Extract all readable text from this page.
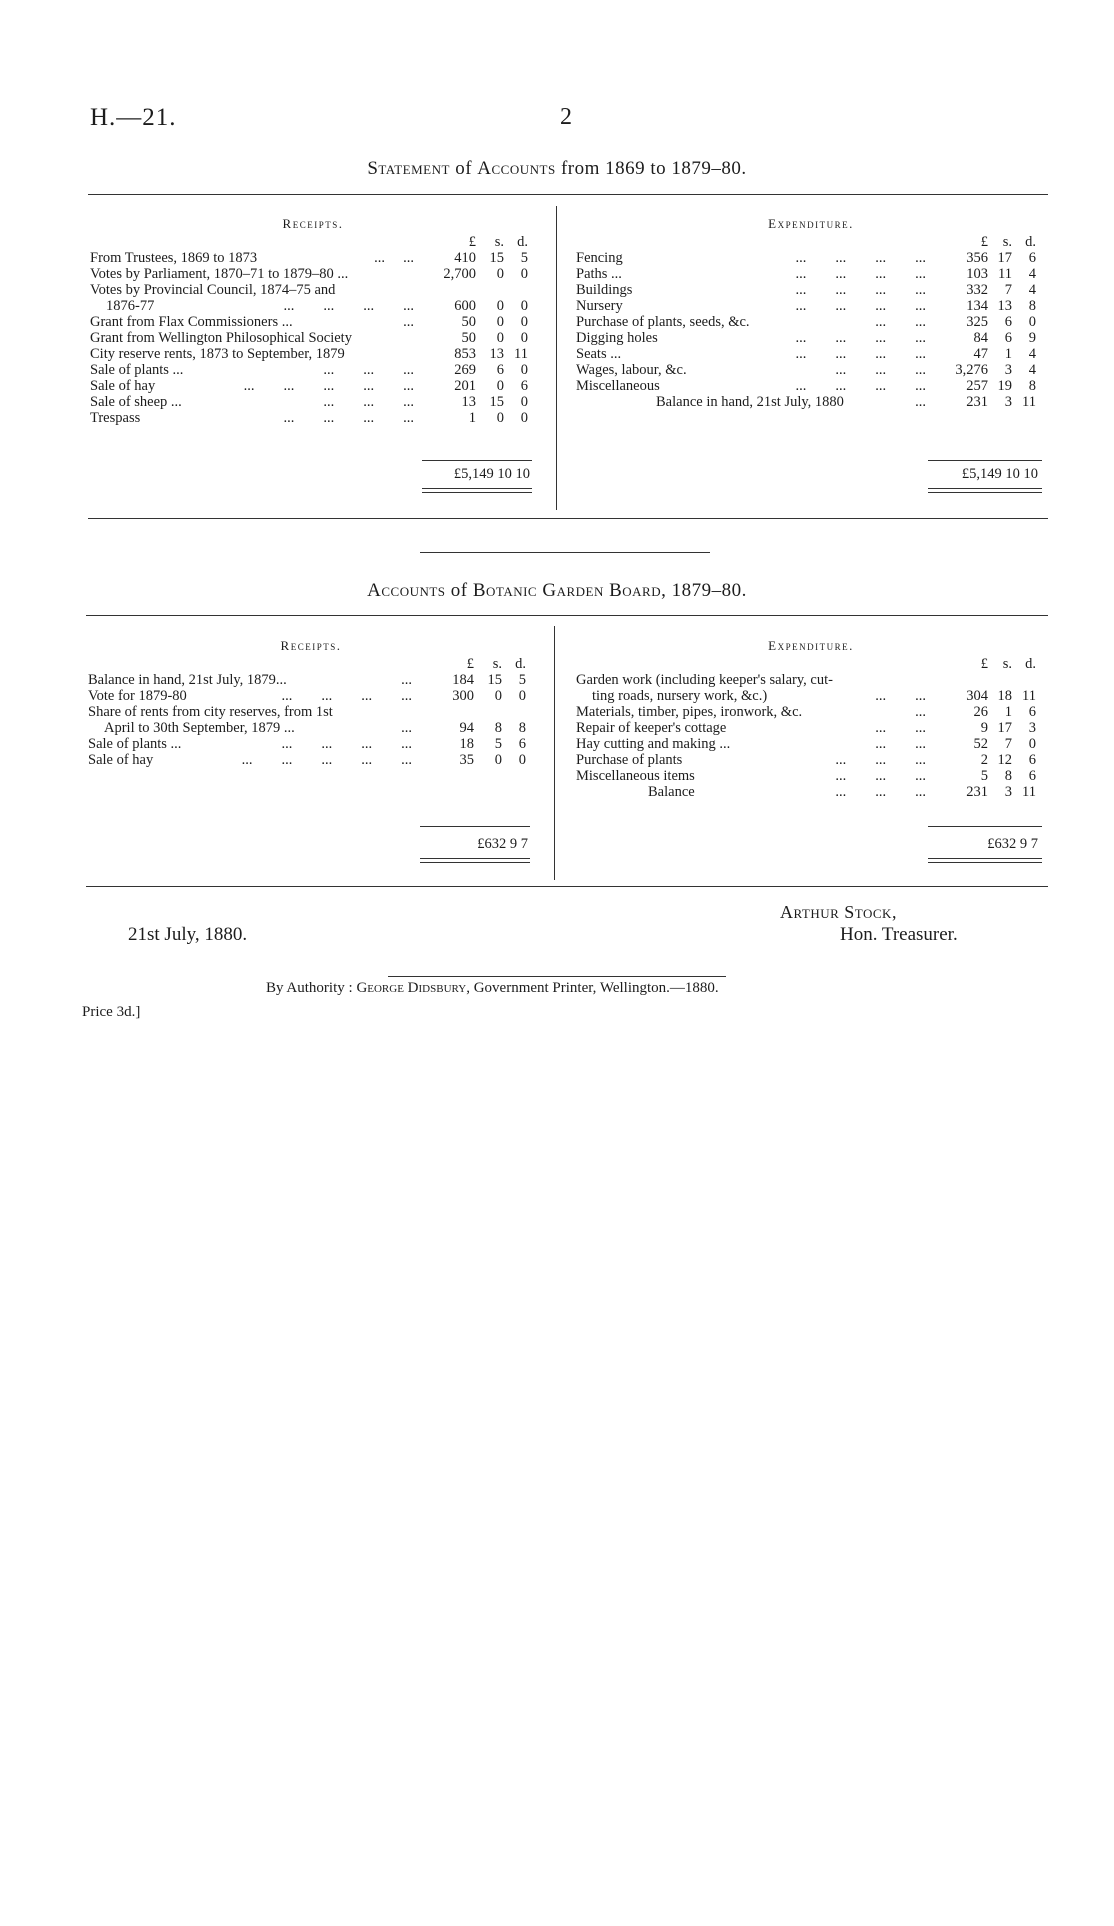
H.—21.	2
Statement of Accounts from 1869 to 1879–80.
Receipts.
£	s. d.
From Trustees, 1869 to 1873	...     ...	410 15	5
Votes by Parliament, 1870–71 to 1879–80 ...	2,700	0	0
Votes by Provincial Council, 1874–75 and
1876-77	...        ...        ...        ...	600	0	0
Grant from Flax Commissioners ...	...	50	0	0
Grant from Wellington Philosophical Society	50	0	0
City reserve rents, 1873 to September, 1879	853 13 11
Sale of plants ...	...        ...        ...	269	6	0
Sale of hay	...        ...        ...        ...        ...	201	0	6
Sale of sheep ...	...        ...        ...	13 15	0
Trespass	...        ...        ...        ...	1	0	0
£5,149 10 10
Expenditure.
£	s. d.
Fencing	...        ...        ...        ...	356 17	6
Paths ...	...        ...        ...        ...	103 11	4
Buildings	...        ...        ...        ...	332	7	4
Nursery	...        ...        ...        ...	134 13	8
Purchase of plants, seeds, &c.	...        ...	325	6	0
Digging holes	...        ...        ...        ...	84	6	9
Seats ...	...        ...        ...        ...	47	1	4
Wages, labour, &c.	...        ...        ...	3,276	3	4
Miscellaneous	...        ...        ...        ...	257 19	8
Balance in hand, 21st July, 1880	...	231	3 11
£5,149 10 10
Accounts of Botanic Garden Board, 1879–80.
Receipts.
£	s. d.
Balance in hand, 21st July, 1879...	...	184 15	5
Vote for 1879-80	...        ...        ...        ...	300	0	0
Share of rents from city reserves, from 1st
April to 30th September, 1879 ...	...	94	8	8
Sale of plants ...	...        ...        ...        ...	18	5	6
Sale of hay	...        ...        ...        ...        ...	35	0	0
£632 9 7
Expenditure.
£	s. d.
Garden work (including keeper's salary, cut-
ting roads, nursery work, &c.)	...        ...	304 18 11
Materials, timber, pipes, ironwork, &c.	...	26	1	6
Repair of keeper's cottage	...        ...	9 17	3
Hay cutting and making ...	...        ...	52	7	0
Purchase of plants	...        ...        ...	2 12	6
Miscellaneous items	...        ...        ...	5	8	6
Balance	...        ...        ...	231	3 11
£632 9 7
21st July, 1880.
Arthur Stock,
Hon. Treasurer.
By Authority : George Didsbury, Government Printer, Wellington.—1880.
Price 3d.]
